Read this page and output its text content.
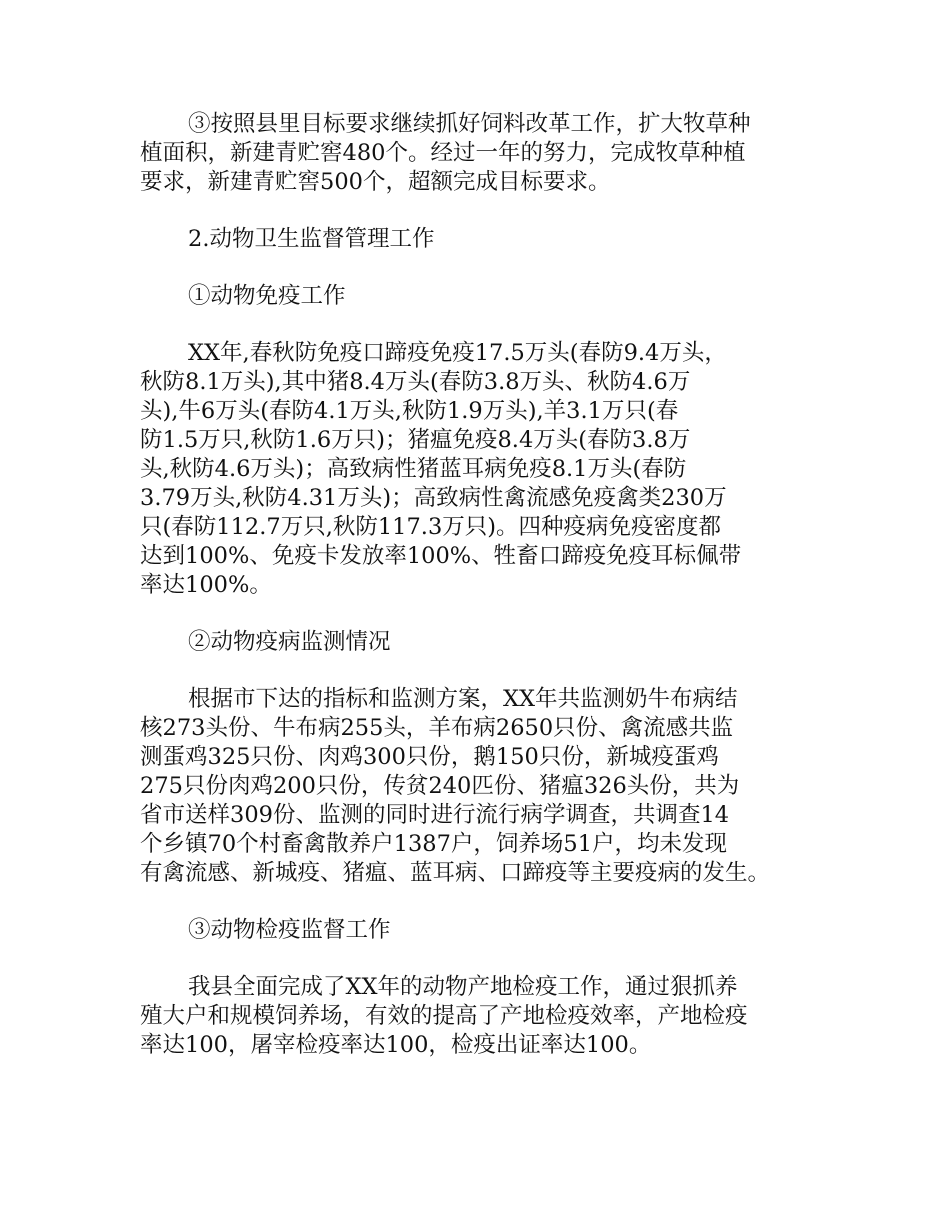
③按照县里目标要求继续抓好饲料改革工作，扩大牧草种
植面积，新建青贮窖480个。经过一年的努力，完成牧草种植
要求，新建青贮窖500个，超额完成目标要求。

2.动物卫生监督管理工作

①动物免疫工作

XX年,春秋防免疫口蹄疫免疫17.5万头(春防9.4万头，
秋防8.1万头),其中猪8.4万头(春防3.8万头、秋防4.6万
头),牛6万头(春防4.1万头,秋防1.9万头),羊3.1万只(春
防1.5万只,秋防1.6万只)；猪瘟免疫8.4万头(春防3.8万
头,秋防4.6万头)；高致病性猪蓝耳病免疫8.1万头(春防
3.79万头,秋防4.31万头)；高致病性禽流感免疫禽类230万
只(春防112.7万只,秋防117.3万只)。四种疫病免疫密度都
达到100%、免疫卡发放率100%、牲畜口蹄疫免疫耳标佩带
率达100%。

②动物疫病监测情况

根据市下达的指标和监测方案，XX年共监测奶牛布病结
核273头份、牛布病255头，羊布病2650只份、禽流感共监
测蛋鸡325只份、肉鸡300只份，鹅150只份，新城疫蛋鸡
275只份肉鸡200只份，传贫240匹份、猪瘟326头份，共为
省市送样309份、监测的同时进行流行病学调查，共调查14
个乡镇70个村畜禽散养户1387户，饲养场51户，均未发现
有禽流感、新城疫、猪瘟、蓝耳病、口蹄疫等主要疫病的发生。

③动物检疫监督工作

我县全面完成了XX年的动物产地检疫工作，通过狠抓养
殖大户和规模饲养场，有效的提高了产地检疫效率，产地检疫
率达100，屠宰检疫率达100，检疫出证率达100。
